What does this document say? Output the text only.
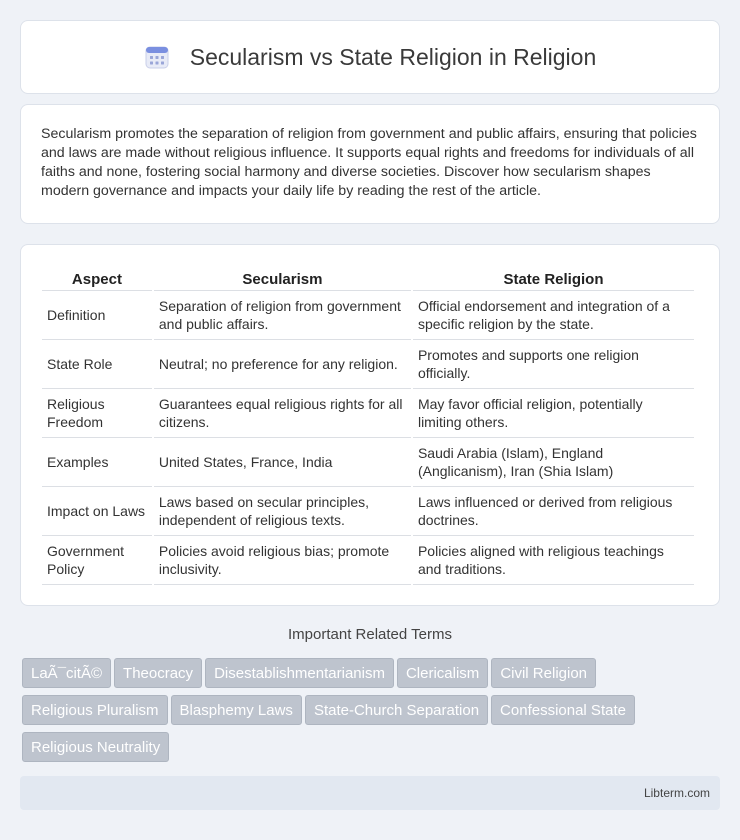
Secularism vs State Religion in Religion

Secularism promotes the separation of religion from government and public affairs, ensuring that policies and laws are made without religious influence. It supports equal rights and freedoms for individuals of all faiths and none, fostering social harmony and diverse societies. Discover how secularism shapes modern governance and impacts your daily life by reading the rest of the article.

Aspect	Secularism	State Religion
Definition	Separation of religion from government and public affairs.	Official endorsement and integration of a specific religion by the state.
State Role	Neutral; no preference for any religion.	Promotes and supports one religion officially.
Religious Freedom	Guarantees equal religious rights for all citizens.	May favor official religion, potentially limiting others.
Examples	United States, France, India	Saudi Arabia (Islam), England (Anglicanism), Iran (Shia Islam)
Impact on Laws	Laws based on secular principles, independent of religious texts.	Laws influenced or derived from religious doctrines.
Government Policy	Policies avoid religious bias; promote inclusivity.	Policies aligned with religious teachings and traditions.
Important Related Terms
LaÃ¯citÃ© Theocracy Disestablishmentarianism Clericalism Civil Religion
Religious Pluralism Blasphemy Laws State-Church Separation Confessional State
Religious Neutrality
Libterm.com
